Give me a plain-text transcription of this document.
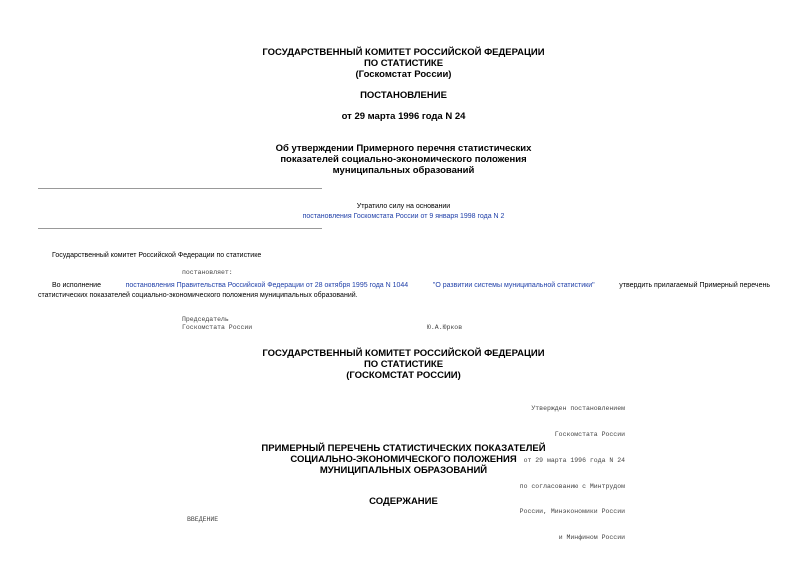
ГОСУДАРСТВЕННЫЙ КОМИТЕТ РОССИЙСКОЙ ФЕДЕРАЦИИ
ПО СТАТИСТИКЕ
(Госкомстат России)
ПОСТАНОВЛЕНИЕ
от 29 марта 1996 года N 24
Об утверждении Примерного перечня статистических
показателей социально-экономического положения
муниципальных образований
Утратило силу на основании
постановления Госкомстата России от 9 января 1998 года N 2
Государственный комитет Российской Федерации по статистике
постановляет:
Во исполнение	постановления Правительства Российской Федерации от 28 октября 1995 года N 1044	"О развитии системы муниципальной статистики"	утвердить прилагаемый Примерный перечень
статистических показателей социально-экономического положения муниципальных образований.
Председатель
Госкомстата России	Ю.А.Юрков
ГОСУДАРСТВЕННЫЙ КОМИТЕТ РОССИЙСКОЙ ФЕДЕРАЦИИ
ПО СТАТИСТИКЕ
(ГОСКОМСТАТ РОССИИ)

Утвержден постановлением

Госкомстата России

от 29 марта 1996 года N 24

по согласованию с Минтрудом

России, Минэкономики России

и Минфином России

ПРИМЕРНЫЙ ПЕРЕЧЕНЬ СТАТИСТИЧЕСКИХ ПОКАЗАТЕЛЕЙ
СОЦИАЛЬНО-ЭКОНОМИЧЕСКОГО ПОЛОЖЕНИЯ
МУНИЦИПАЛЬНЫХ ОБРАЗОВАНИЙ
СОДЕРЖАНИЕ
ВВЕДЕНИЕ
